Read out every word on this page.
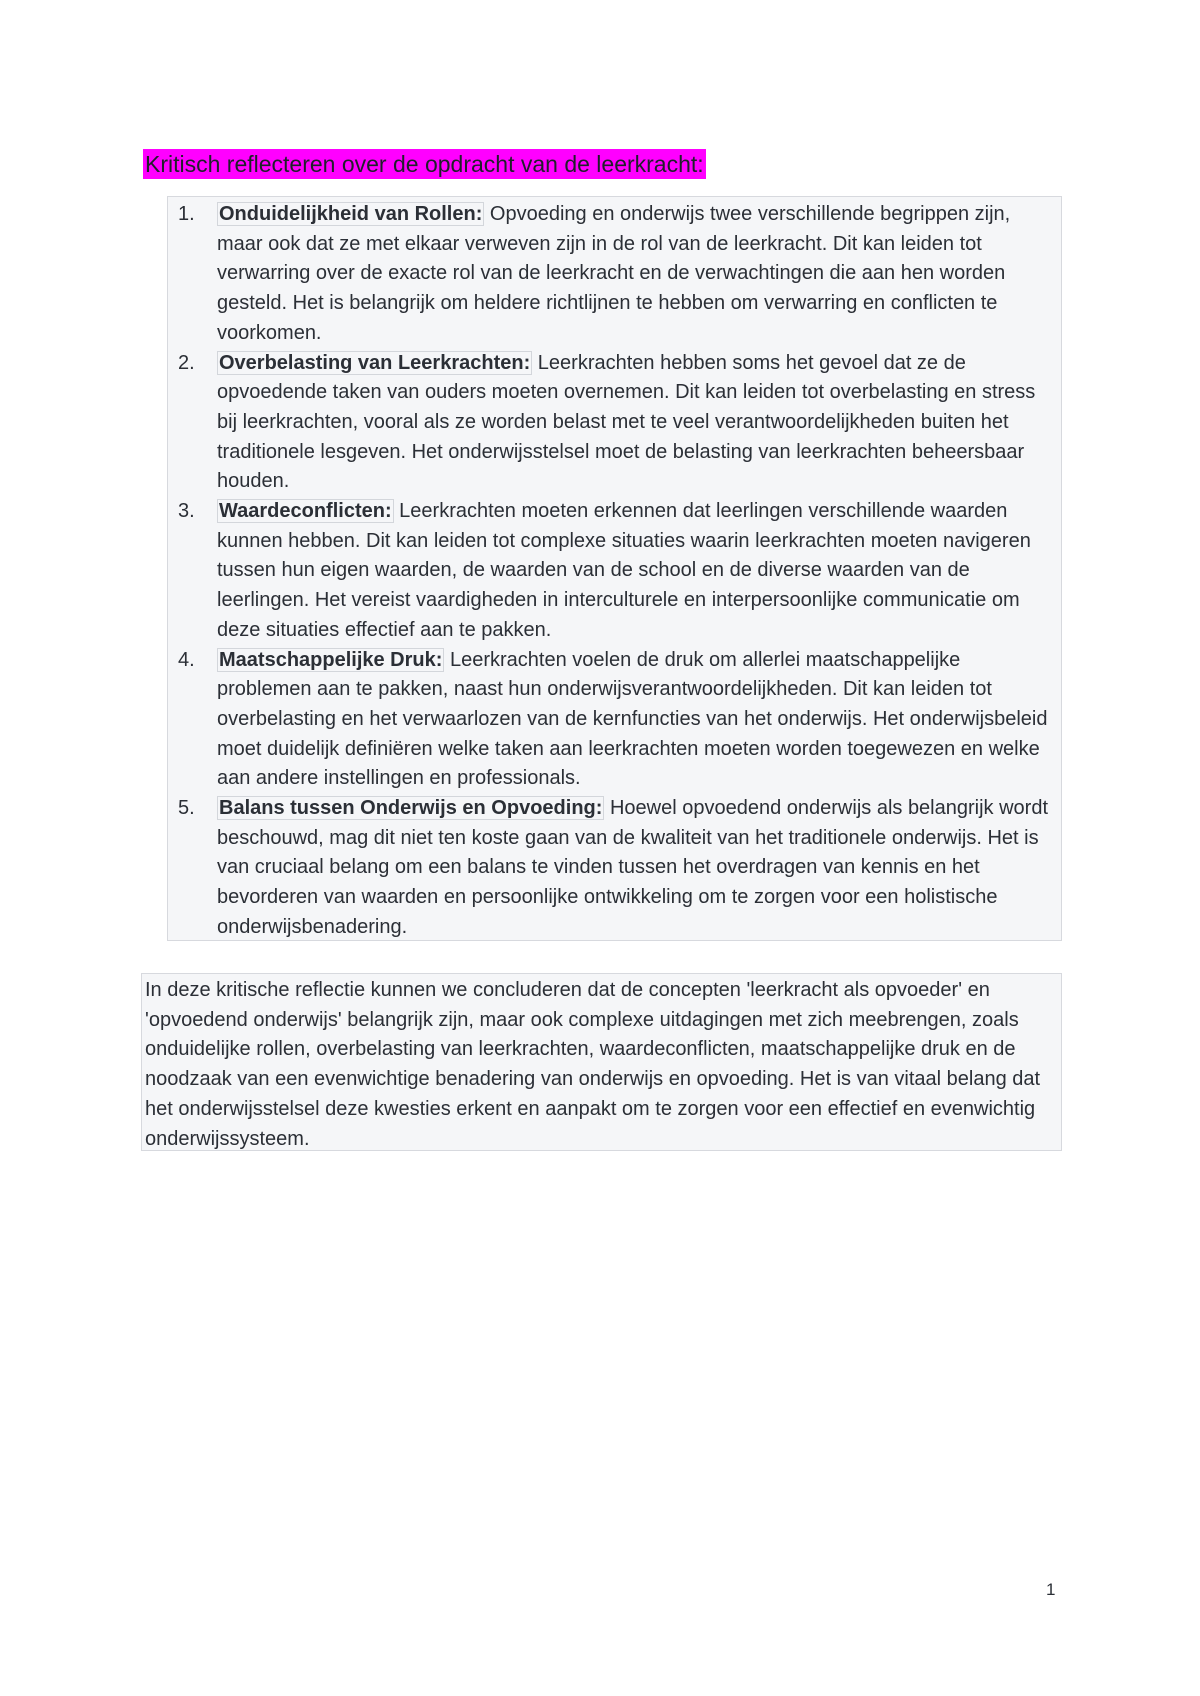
Kritisch reflecteren over de opdracht van de leerkracht:
1.	Onduidelijkheid van Rollen: Opvoeding en onderwijs twee verschillende begrippen zijn, maar ook dat ze met elkaar verweven zijn in de rol van de leerkracht. Dit kan leiden tot verwarring over de exacte rol van de leerkracht en de verwachtingen die aan hen worden gesteld. Het is belangrijk om heldere richtlijnen te hebben om verwarring en conflicten te voorkomen.
2.	Overbelasting van Leerkrachten: Leerkrachten hebben soms het gevoel dat ze de opvoedende taken van ouders moeten overnemen. Dit kan leiden tot overbelasting en stress bij leerkrachten, vooral als ze worden belast met te veel verantwoordelijkheden buiten het traditionele lesgeven. Het onderwijsstelsel moet de belasting van leerkrachten beheersbaar houden.
3.	Waardeconflicten: Leerkrachten moeten erkennen dat leerlingen verschillende waarden kunnen hebben. Dit kan leiden tot complexe situaties waarin leerkrachten moeten navigeren tussen hun eigen waarden, de waarden van de school en de diverse waarden van de leerlingen. Het vereist vaardigheden in interculturele en interpersoonlijke communicatie om deze situaties effectief aan te pakken.
4.	Maatschappelijke Druk: Leerkrachten voelen de druk om allerlei maatschappelijke problemen aan te pakken, naast hun onderwijsverantwoordelijkheden. Dit kan leiden tot overbelasting en het verwaarlozen van de kernfuncties van het onderwijs. Het onderwijsbeleid moet duidelijk definiëren welke taken aan leerkrachten moeten worden toegewezen en welke aan andere instellingen en professionals.
5.	Balans tussen Onderwijs en Opvoeding: Hoewel opvoedend onderwijs als belangrijk wordt beschouwd, mag dit niet ten koste gaan van de kwaliteit van het traditionele onderwijs. Het is van cruciaal belang om een balans te vinden tussen het overdragen van kennis en het bevorderen van waarden en persoonlijke ontwikkeling om te zorgen voor een holistische onderwijsbenadering.
In deze kritische reflectie kunnen we concluderen dat de concepten 'leerkracht als opvoeder' en 'opvoedend onderwijs' belangrijk zijn, maar ook complexe uitdagingen met zich meebrengen, zoals onduidelijke rollen, overbelasting van leerkrachten, waardeconflicten, maatschappelijke druk en de noodzaak van een evenwichtige benadering van onderwijs en opvoeding. Het is van vitaal belang dat het onderwijsstelsel deze kwesties erkent en aanpakt om te zorgen voor een effectief en evenwichtig onderwijssysteem.
1
